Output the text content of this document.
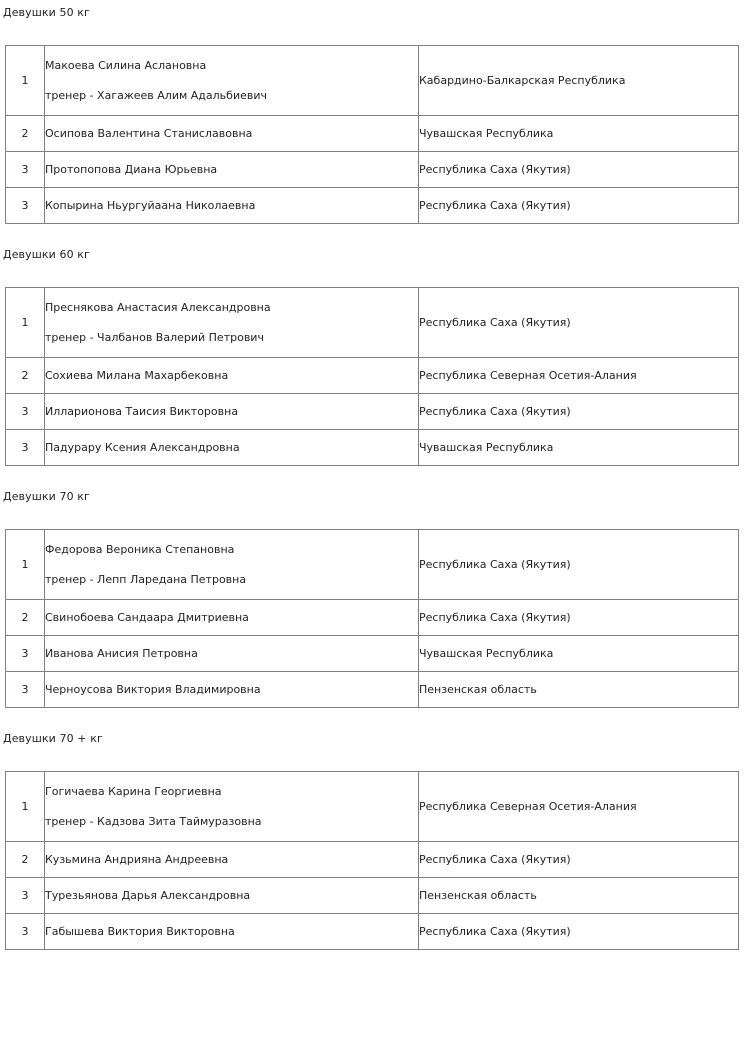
Девушки 50 кг
1	Макоева Силина Аслановна
тренер - Хагажеев Алим Адальбиевич	Кабардино-Балкарская Республика
2	Осипова Валентина Станиславовна	Чувашская Республика
3	Протопопова Диана Юрьевна	Республика Саха (Якутия)
3	Копырина Ньургуйаана Николаевна	Республика Саха (Якутия)
Девушки 60 кг
1	Преснякова Анастасия Александровна
тренер - Чалбанов Валерий Петрович	Республика Саха (Якутия)
2	Сохиева Милана Махарбековна	Республика Северная Осетия-Алания
3	Илларионова Таисия Викторовна	Республика Саха (Якутия)
3	Падурару Ксения Александровна	Чувашская Республика
Девушки 70 кг
1	Федорова Вероника Степановна
тренер - Лепп Ларедана Петровна	Республика Саха (Якутия)
2	Свинобоева Сандаара Дмитриевна	Республика Саха (Якутия)
3	Иванова Анисия Петровна	Чувашская Республика
3	Черноусова Виктория Владимировна	Пензенская область
Девушки 70 + кг
1	Гогичаева Карина Георгиевна
тренер - Кадзова Зита Таймуразовна	Республика Северная Осетия-Алания
2	Кузьмина Андрияна Андреевна	Республика Саха (Якутия)
3	Турезьянова Дарья Александровна	Пензенская область
3	Габышева Виктория Викторовна	Республика Саха (Якутия)
